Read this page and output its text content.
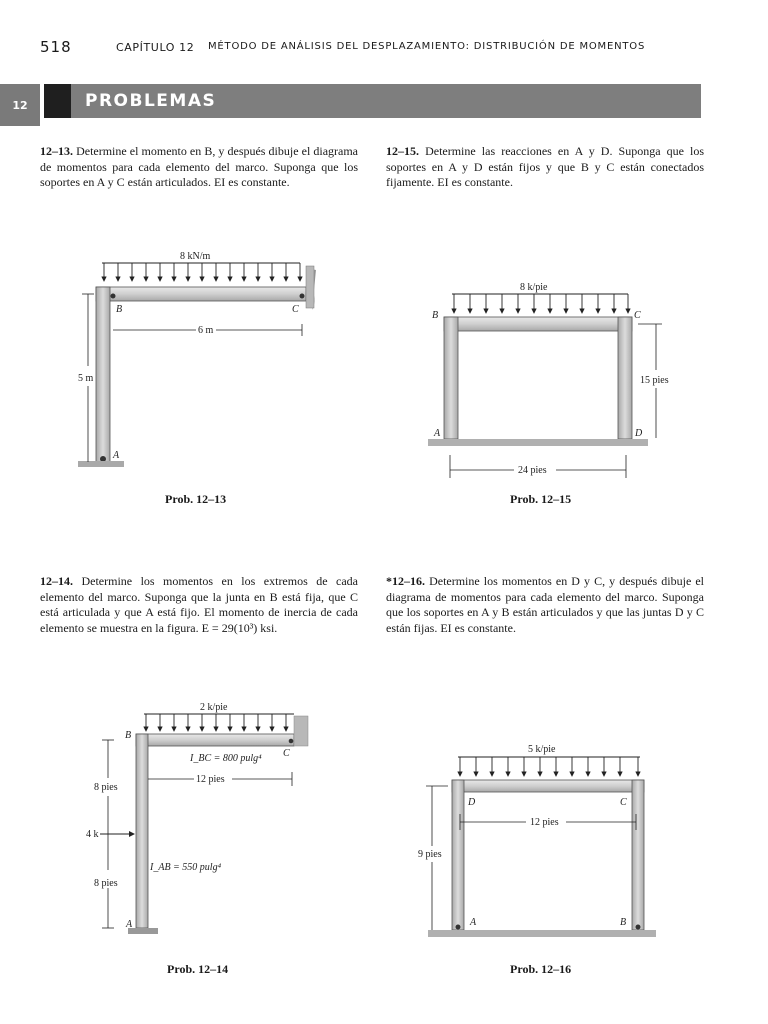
518	CAPÍTULO 12 MÉTODO DE ANÁLISIS DEL DESPLAZAMIENTO: DISTRIBUCIÓN DE MOMENTOS
12	PROBLEMAS
12–13. Determine el momento en B, y después dibuje el diagrama de momentos para cada elemento del marco. Suponga que los soportes en A y C están articulados. EI es constante.
12–15. Determine las reacciones en A y D. Suponga que los soportes en A y D están fijos y que B y C están conectados fijamente. EI es constante.
12–14. Determine los momentos en los extremos de cada elemento del marco. Suponga que la junta en B está fija, que C está articulada y que A está fijo. El momento de inercia de cada elemento se muestra en la figura. E = 29(10³) ksi.
*12–16. Determine los momentos en D y C, y después dibuje el diagrama de momentos para cada elemento del marco. Suponga que los soportes en A y B están articulados y que las juntas D y C están fijas. EI es constante.
Prob. 12–13	Prob. 12–15
Prob. 12–14	Prob. 12–16
8 kN/m
B	C
A
6 m
5 m
8 k/pie
B	C
A	D
24 pies
15 pies
2 k/pie
B
C
A
I_BC = 800 pulg⁴
I_AB = 550 pulg⁴
12 pies
8 pies
8 pies
4 k
5 k/pie
D	C
A	B
12 pies
9 pies
